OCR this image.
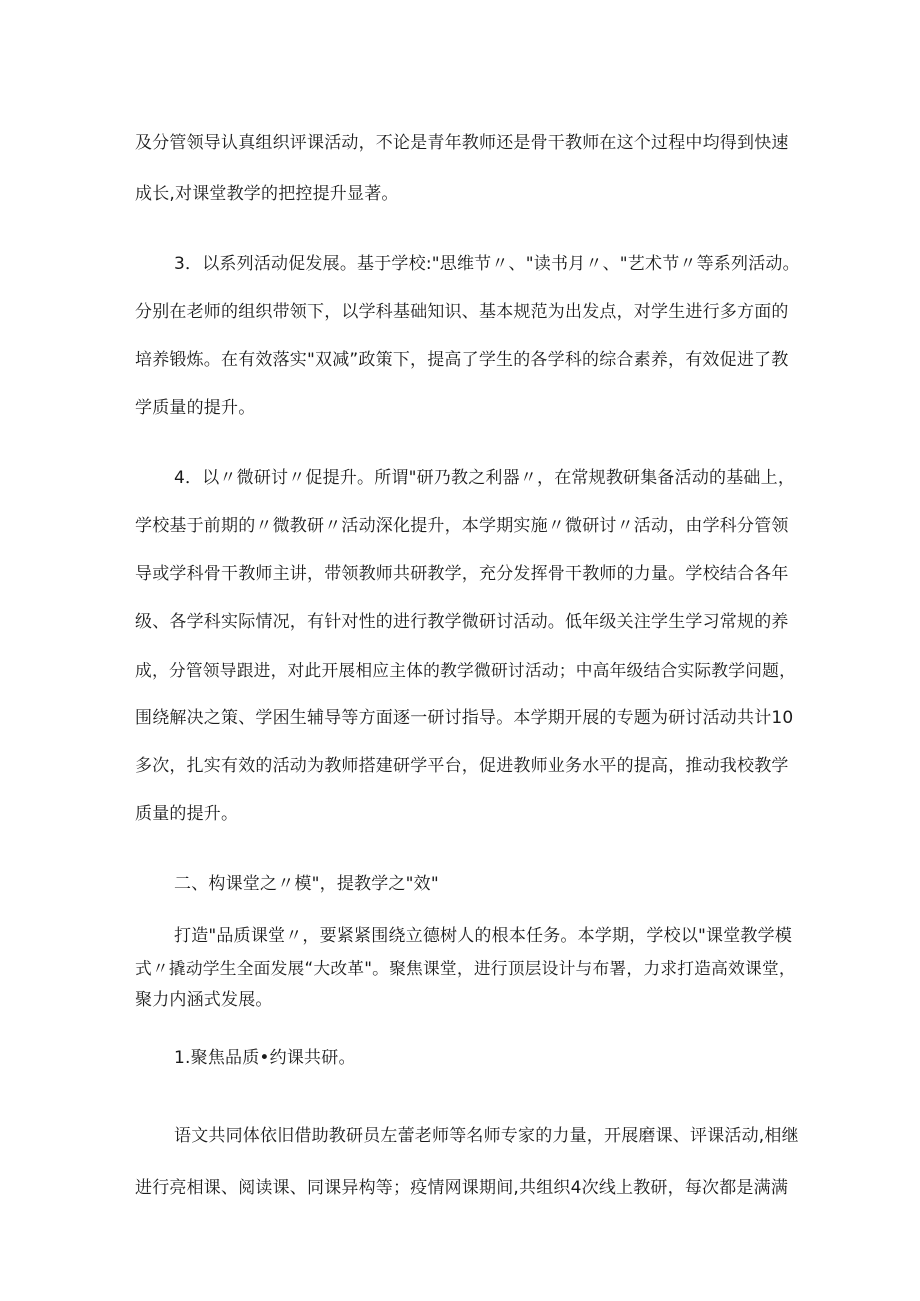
及分管领导认真组织评课活动，不论是青年教师还是骨干教师在这个过程中均得到快速
成长,对课堂教学的把控提升显著。
3．以系列活动促发展。基于学校:"思维节〃、"读书月〃、"艺术节〃等系列活动。
分别在老师的组织带领下，以学科基础知识、基本规范为出发点，对学生进行多方面的
培养锻炼。在有效落实"双减”政策下，提高了学生的各学科的综合素养，有效促进了教
学质量的提升。
4．以〃微研讨〃促提升。所谓"研乃教之利器〃，在常规教研集备活动的基础上，
学校基于前期的〃微教研〃活动深化提升，本学期实施〃微研讨〃活动，由学科分管领
导或学科骨干教师主讲，带领教师共研教学，充分发挥骨干教师的力量。学校结合各年
级、各学科实际情况，有针对性的进行教学微研讨活动。低年级关注学生学习常规的养
成，分管领导跟进，对此开展相应主体的教学微研讨活动；中高年级结合实际教学问题，
围绕解决之策、学困生辅导等方面逐一研讨指导。本学期开展的专题为研讨活动共计10
多次，扎实有效的活动为教师搭建研学平台，促进教师业务水平的提高，推动我校教学
质量的提升。
二、构课堂之〃模"，提教学之"效"
打造"品质课堂〃，要紧紧围绕立德树人的根本任务。本学期，学校以"课堂教学模
式〃撬动学生全面发展“大改革"。聚焦课堂，进行顶层设计与布署，力求打造高效课堂，
聚力内涵式发展。
1.聚焦品质•约课共研。
语文共同体依旧借助教研员左蕾老师等名师专家的力量，开展磨课、评课活动,相继
进行亮相课、阅读课、同课异构等；疫情网课期间,共组织4次线上教研，每次都是满满
